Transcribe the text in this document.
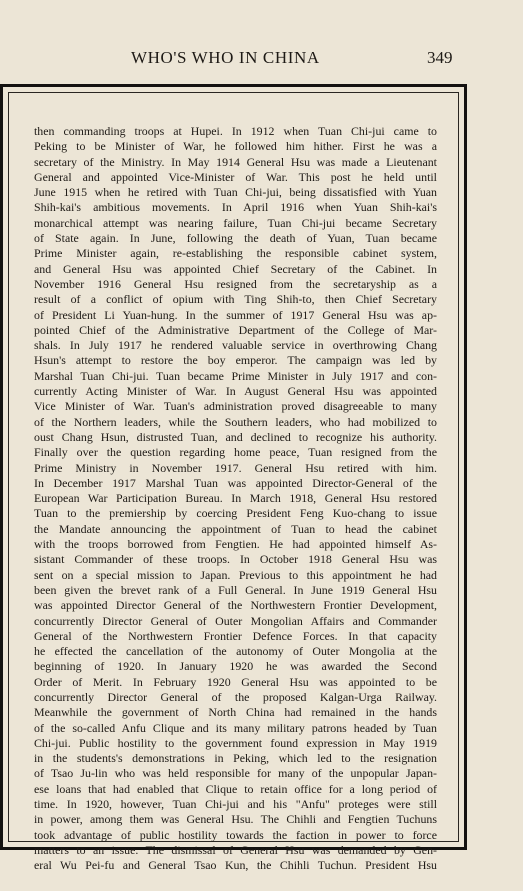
WHO'S WHO IN CHINA	349
then commanding troops at Hupei. In 1912 when Tuan Chi-jui came to
Peking to be Minister of War, he followed him hither. First he was a
secretary of the Ministry. In May 1914 General Hsu was made a Lieutenant
General and appointed Vice-Minister of War. This post he held until
June 1915 when he retired with Tuan Chi-jui, being dissatisfied with Yuan
Shih-kai's ambitious movements. In April 1916 when Yuan Shih-kai's
monarchical attempt was nearing failure, Tuan Chi-jui became Secretary
of State again. In June, following the death of Yuan, Tuan became
Prime Minister again, re-establishing the responsible cabinet system,
and General Hsu was appointed Chief Secretary of the Cabinet. In
November 1916 General Hsu resigned from the secretaryship as a
result of a conflict of opium with Ting Shih-to, then Chief Secretary
of President Li Yuan-hung. In the summer of 1917 General Hsu was ap-
pointed Chief of the Administrative Department of the College of Mar-
shals. In July 1917 he rendered valuable service in overthrowing Chang
Hsun's attempt to restore the boy emperor. The campaign was led by
Marshal Tuan Chi-jui. Tuan became Prime Minister in July 1917 and con-
currently Acting Minister of War. In August General Hsu was appointed
Vice Minister of War. Tuan's administration proved disagreeable to many
of the Northern leaders, while the Southern leaders, who had mobilized to
oust Chang Hsun, distrusted Tuan, and declined to recognize his authority.
Finally over the question regarding home peace, Tuan resigned from the
Prime Ministry in November 1917. General Hsu retired with him.
In December 1917 Marshal Tuan was appointed Director-General of the
European War Participation Bureau. In March 1918, General Hsu restored
Tuan to the premiership by coercing President Feng Kuo-chang to issue
the Mandate announcing the appointment of Tuan to head the cabinet
with the troops borrowed from Fengtien. He had appointed himself As-
sistant Commander of these troops. In October 1918 General Hsu was
sent on a special mission to Japan. Previous to this appointment he had
been given the brevet rank of a Full General. In June 1919 General Hsu
was appointed Director General of the Northwestern Frontier Development,
concurrently Director General of Outer Mongolian Affairs and Commander
General of the Northwestern Frontier Defence Forces. In that capacity
he effected the cancellation of the autonomy of Outer Mongolia at the
beginning of 1920. In January 1920 he was awarded the Second
Order of Merit. In February 1920 General Hsu was appointed to be
concurrently Director General of the proposed Kalgan-Urga Railway.
Meanwhile the government of North China had remained in the hands
of the so-called Anfu Clique and its many military patrons headed by Tuan
Chi-jui. Public hostility to the government found expression in May 1919
in the students's demonstrations in Peking, which led to the resignation
of Tsao Ju-lin who was held responsible for many of the unpopular Japan-
ese loans that had enabled that Clique to retain office for a long period of
time. In 1920, however, Tuan Chi-jui and his "Anfu" proteges were still
in power, among them was General Hsu. The Chihli and Fengtien Tuchuns
took advantage of public hostility towards the faction in power to force
matters to an issue. The dismissal of General Hsu was demanded by Gen-
eral Wu Pei-fu and General Tsao Kun, the Chihli Tuchun. President Hsu
